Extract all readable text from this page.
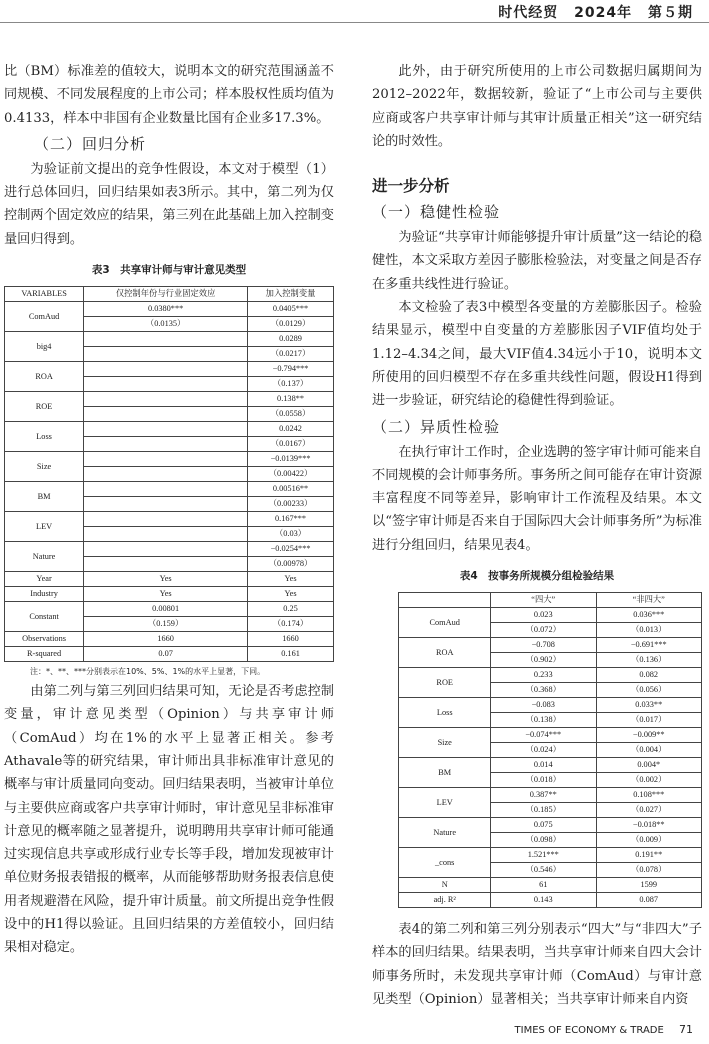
时代经贸 2024年 第５期

比（BM）标准差的值较大，说明本文的研究范围涵盖不同规模、不同发展程度的上市公司；样本股权性质均值为0.4133，样本中非国有企业数量比国有企业多17.3%。

（二）回归分析

为验证前文提出的竞争性假设，本文对于模型（1）进行总体回归，回归结果如表3所示。其中，第二列为仅控制两个固定效应的结果，第三列在此基础上加入控制变量回归得到。

表3　共享审计师与审计意见类型
VARIABLES	仅控制年份与行业固定效应	加入控制变量
ComAud	0.0380***	0.0405***
	（0.0135）	（0.0129）
big4		0.0289
		（0.0217）
ROA		−0.794***
		（0.137）
ROE		0.138**
		（0.0558）
Loss		0.0242
		（0.0167）
Size		−0.0139***
		（0.00422）
BM		0.00516**
		（0.00233）
LEV		0.167***
		（0.03）
Nature		−0.0254***
		（0.00978）
Year	Yes	Yes
Industry	Yes	Yes
Constant	0.00801	0.25
	（0.159）	（0.174）
Observations	1660	1660
R-squared	0.07	0.161
注：*、**、***分别表示在10%、5%、1%的水平上显著，下同。

由第二列与第三列回归结果可知，无论是否考虑控制变量，审计意见类型（Opinion）与共享审计师（ComAud）均在1%的水平上显著正相关。参考Athavale等的研究结果，审计师出具非标准审计意见的概率与审计质量同向变动。回归结果表明，当被审计单位与主要供应商或客户共享审计师时，审计意见呈非标准审计意见的概率随之显著提升，说明聘用共享审计师可能通过实现信息共享或形成行业专长等手段，增加发现被审计单位财务报表错报的概率，从而能够帮助财务报表信息使用者规避潜在风险，提升审计质量。前文所提出竞争性假设中的H1得以验证。且回归结果的方差值较小，回归结果相对稳定。

此外，由于研究所使用的上市公司数据归属期间为2012–2022年，数据较新，验证了“上市公司与主要供应商或客户共享审计师与其审计质量正相关”这一研究结论的时效性。

进一步分析
（一）稳健性检验

为验证“共享审计师能够提升审计质量”这一结论的稳健性，本文采取方差因子膨胀检验法，对变量之间是否存在多重共线性进行验证。

本文检验了表3中模型各变量的方差膨胀因子。检验结果显示，模型中自变量的方差膨胀因子VIF值均处于1.12–4.34之间，最大VIF值4.34远小于10，说明本文所使用的回归模型不存在多重共线性问题，假设H1得到进一步验证，研究结论的稳健性得到验证。

（二）异质性检验

在执行审计工作时，企业选聘的签字审计师可能来自不同规模的会计师事务所。事务所之间可能存在审计资源丰富程度不同等差异，影响审计工作流程及结果。本文以“签字审计师是否来自于国际四大会计师事务所”为标准进行分组回归，结果见表4。

表4　按事务所规模分组检验结果
	“四大”	“非四大”
ComAud	0.023	0.036***
	（0.072）	（0.013）
ROA	−0.708	−0.691***
	（0.902）	（0.136）
ROE	0.233	0.082
	（0.368）	（0.056）
Loss	−0.083	0.033**
	（0.138）	（0.017）
Size	−0.074***	−0.009**
	（0.024）	（0.004）
BM	0.014	0.004*
	（0.018）	（0.002）
LEV	0.387**	0.108***
	（0.185）	（0.027）
Nature	0.075	−0.018**
	（0.098）	（0.009）
_cons	1.521***	0.191**
	（0.546）	（0.078）
N	61	1599
adj. R²	0.143	0.087

表4的第二列和第三列分别表示“四大”与“非四大”子样本的回归结果。结果表明，当共享审计师来自四大会计师事务所时，未发现共享审计师（ComAud）与审计意见类型（Opinion）显著相关；当共享审计师来自内资

TIMES OF ECONOMY & TRADE 71
